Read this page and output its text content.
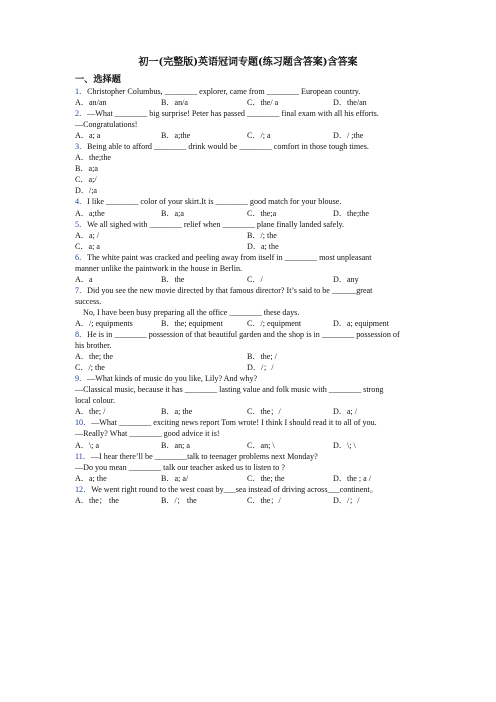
初一(完整版)英语冠词专题(练习题含答案)含答案
一、选择题
1．Christopher Columbus, ________ explorer, came from ________ European country.
A．an/an	B．an/a	C．the/ a	D．the/an
2．—What ________ big surprise! Peter has passed ________ final exam with all his efforts.
—Congratulations!
A．a; a	B．a;the	C．/; a	D．/ ;the
3．Being able to afford ________ drink would be ________ comfort in those tough times.
A．the;the
B．a;a
C．a;/
D．/;a
4．I like ________ color of your skirt.It is ________ good match for your blouse.
A．a;the	B．a;a	C．the;a	D．the;the
5．We all sighed with ________ relief when ________ plane finally landed safely.
A．a; /	B．/; the
C．a; a	D．a; the
6．The white paint was cracked and peeling away from itself in ________ most unpleasant
manner unlike the paintwork in the house in Berlin.
A．a	B．the	C．/	D．any
7．Did you see the new movie directed by that famous director? It’s said to be ______great
success.
No, I have been busy preparing all the office ________ these days.
A．/; equipments	B．the; equipment	C．/; equipment	D．a; equipment
8．He is in ________ possession of that beautiful garden and the shop is in ________ possession of
his brother.
A．the; the	B．the; /
C．/; the	D．/；/
9．—What kinds of music do you like, Lily? And why?
—Classical music, because it has ________ lasting value and folk music with ________ strong
local colour.
A．the; /	B．a; the	C．the；/	D．a; /
10．—What ________ exciting news report Tom wrote! I think I should read it to all of you.
—Really? What ________ good advice it is!
A．\; a	B．an; a	C．an; \	D．\; \
11．—I hear there’ll be ________talk to teenager problems next Monday?
—Do you mean ________ talk our teacher asked us to listen to ?
A．a; the	B．a; a/	C．the; the	D．the ; a /
12．We went right round to the west coast by___sea instead of driving across___continent。
A．the； the	B．/； the	C．the；/	D．/；/
